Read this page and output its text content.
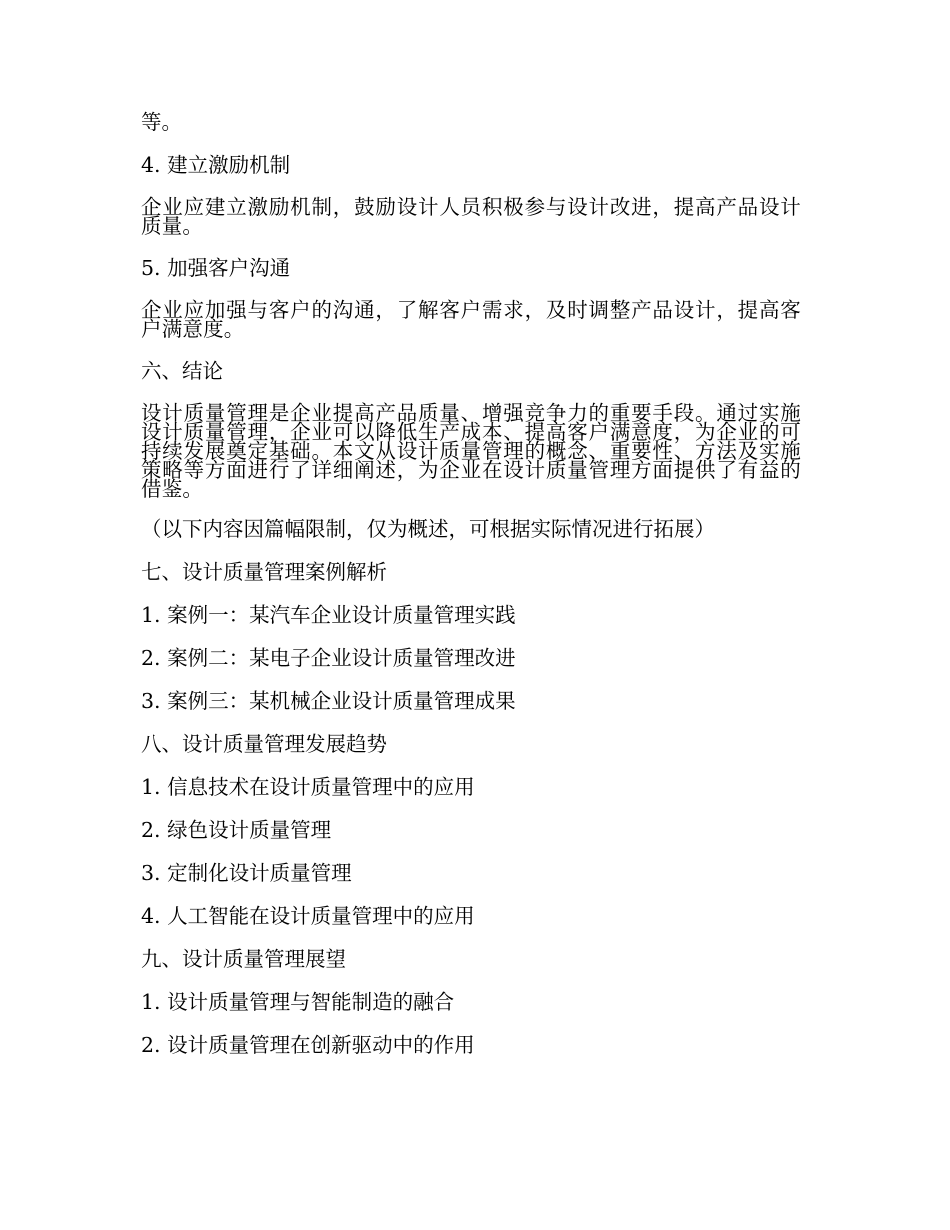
等。

4. 建立激励机制

企业应建立激励机制，鼓励设计人员积极参与设计改进，提高产品设计质量。

5. 加强客户沟通

企业应加强与客户的沟通，了解客户需求，及时调整产品设计，提高客户满意度。

六、结论

设计质量管理是企业提高产品质量、增强竞争力的重要手段。通过实施设计质量管理，企业可以降低生产成本、提高客户满意度，为企业的可持续发展奠定基础。本文从设计质量管理的概念、重要性、方法及实施策略等方面进行了详细阐述，为企业在设计质量管理方面提供了有益的借鉴。

（以下内容因篇幅限制，仅为概述，可根据实际情况进行拓展）

七、设计质量管理案例解析

1. 案例一：某汽车企业设计质量管理实践

2. 案例二：某电子企业设计质量管理改进

3. 案例三：某机械企业设计质量管理成果

八、设计质量管理发展趋势

1. 信息技术在设计质量管理中的应用

2. 绿色设计质量管理

3. 定制化设计质量管理

4. 人工智能在设计质量管理中的应用

九、设计质量管理展望

1. 设计质量管理与智能制造的融合

2. 设计质量管理在创新驱动中的作用
